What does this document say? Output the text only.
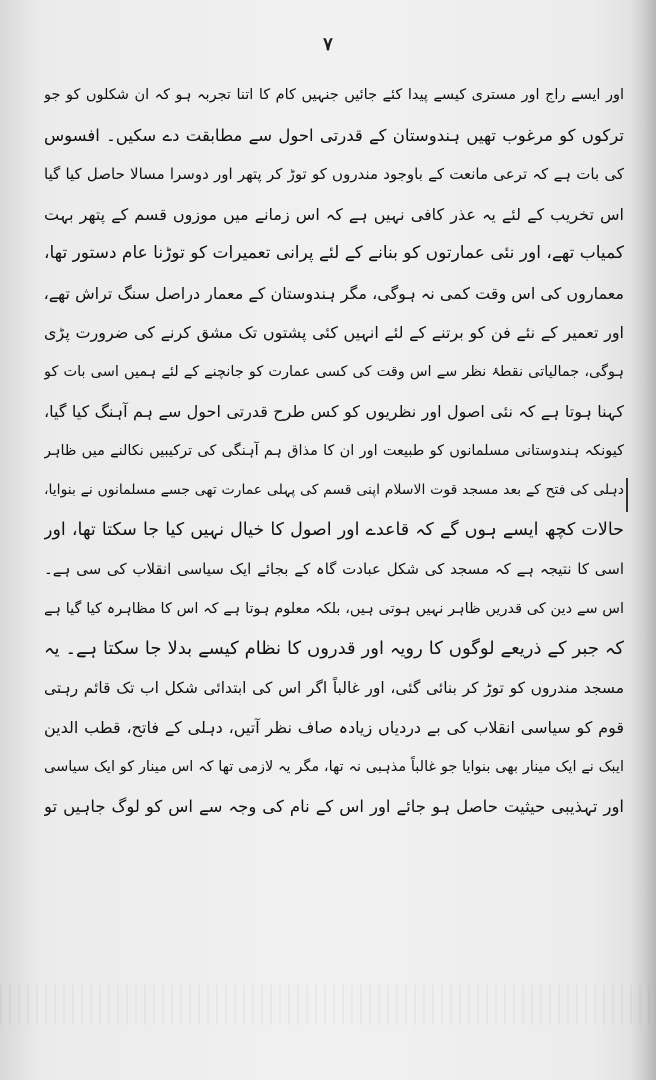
۷
اور ایسے راج اور مستری کیسے پیدا کئے جائیں جنہیں کام کا اتنا تجربہ ہو کہ ان شکلوں کو جو
ترکوں کو مرغوب تھیں ہندوستان کے قدرتی احول سے مطابقت دے سکیں۔ افسوس
کی بات ہے کہ ترعی مانعت کے باوجود مندروں کو توڑ کر پتھر اور دوسرا مسالا حاصل کیا گیا
اس تخریب کے لئے یہ عذر کافی نہیں ہے کہ اس زمانے میں موزوں قسم کے پتھر بہت
کمیاب تھے، اور نئی عمارتوں کو بنانے کے لئے پرانی تعمیرات کو توڑنا عام دستور تھا،
معماروں کی اس وقت کمی نہ ہوگی، مگر ہندوستان کے معمار دراصل سنگ تراش تھے،
اور تعمیر کے نئے فن کو برتنے کے لئے انہیں کئی پشتوں تک مشق کرنے کی ضرورت پڑی
ہوگی، جمالیاتی نقطۂ نظر سے اس وقت کی کسی عمارت کو جانچنے کے لئے ہمیں اسی بات کو
کہنا ہوتا ہے کہ نئی اصول اور نظریوں کو کس طرح قدرتی احول سے ہم آہنگ کیا گیا،
کیونکہ ہندوستانی مسلمانوں کو طبیعت اور ان کا مذاق ہم آہنگی کی ترکیبیں نکالنے میں ظاہر
دہلی کی فتح کے بعد مسجد قوت الاسلام اپنی قسم کی پہلی عمارت تھی جسے مسلمانوں نے بنوایا،
حالات کچھ ایسے ہوں گے کہ قاعدے اور اصول کا خیال نہیں کیا جا سکتا تھا، اور
اسی کا نتیجہ ہے کہ مسجد کی شکل عبادت گاہ کے بجائے ایک سیاسی انقلاب کی سی ہے۔
اس سے دین کی قدریں ظاہر نہیں ہوتی ہیں، بلکہ معلوم ہوتا ہے کہ اس کا مظاہرہ کیا گیا ہے
کہ جبر کے ذریعے لوگوں کا رویہ اور قدروں کا نظام کیسے بدلا جا سکتا ہے۔ یہ
مسجد مندروں کو توڑ کر بنائی گئی، اور غالباً اگر اس کی ابتدائی شکل اب تک قائم رہتی
قوم کو سیاسی انقلاب کی بے دردیاں زیادہ صاف نظر آتیں، دہلی کے فاتح، قطب الدین
ایبک نے ایک مینار بھی بنوایا جو غالباً مذہبی نہ تھا، مگر یہ لازمی تھا کہ اس مینار کو ایک سیاسی
اور تہذیبی حیثیت حاصل ہو جائے اور اس کے نام کی وجہ سے اس کو لوگ جاہیں تو
